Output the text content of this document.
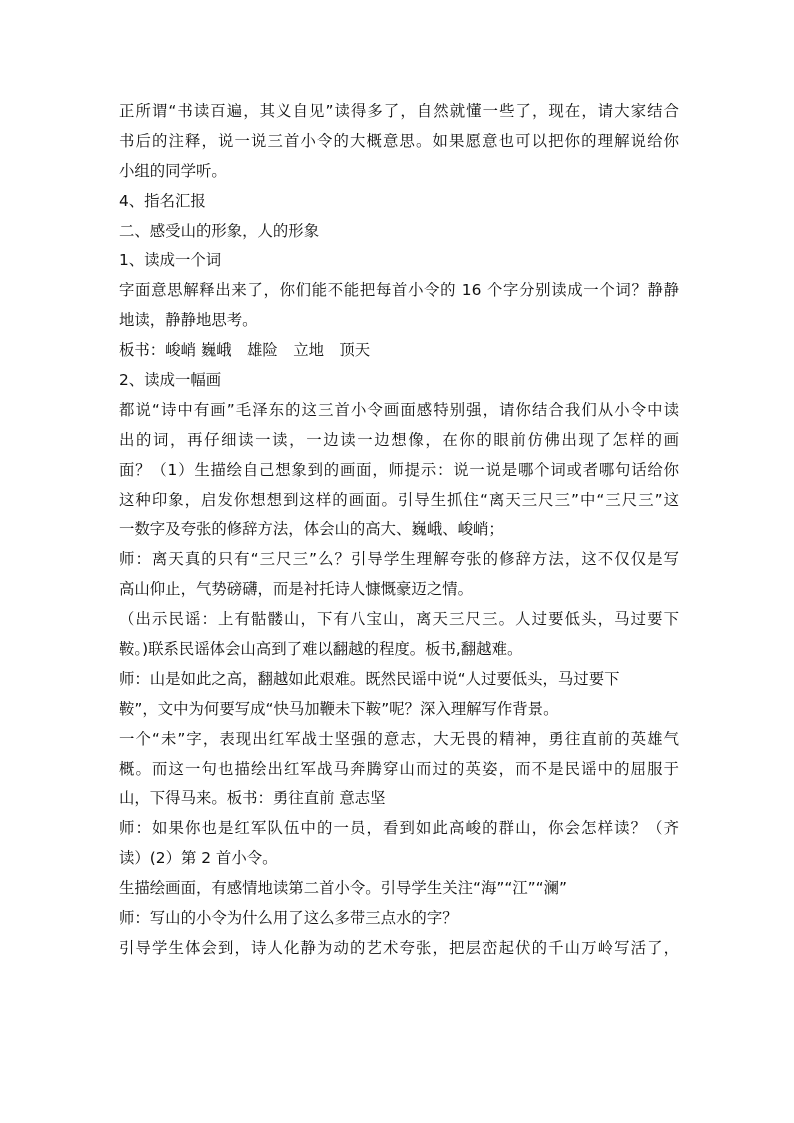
正所谓“书读百遍，其义自见”读得多了，自然就懂一些了，现在，请大家结合
书后的注释，说一说三首小令的大概意思。如果愿意也可以把你的理解说给你
小组的同学听。
4、指名汇报
二、感受山的形象，人的形象
1、读成一个词
字面意思解释出来了，你们能不能把每首小令的 16 个字分别读成一个词？静静
地读，静静地思考。
板书：峻峭 巍峨　雄险　立地　顶天
2、读成一幅画
都说“诗中有画”毛泽东的这三首小令画面感特别强，请你结合我们从小令中读
出的词，再仔细读一读，一边读一边想像，在你的眼前仿佛出现了怎样的画
面？（1）生描绘自己想象到的画面，师提示：说一说是哪个词或者哪句话给你
这种印象，启发你想想到这样的画面。引导生抓住“离天三尺三”中“三尺三”这
一数字及夸张的修辞方法，体会山的高大、巍峨、峻峭；
师：离天真的只有“三尺三”么？引导学生理解夸张的修辞方法，这不仅仅是写
高山仰止，气势磅礴，而是衬托诗人慷慨豪迈之情。
（出示民谣：上有骷髅山，下有八宝山，离天三尺三。人过要低头，马过要下
鞍。)联系民谣体会山高到了难以翻越的程度。板书,翻越难。
师：山是如此之高，翻越如此艰难。既然民谣中说“人过要低头，马过要下
鞍”，文中为何要写成“快马加鞭未下鞍”呢？深入理解写作背景。
一个“未”字，表现出红军战士坚强的意志，大无畏的精神，勇往直前的英雄气
概。而这一句也描绘出红军战马奔腾穿山而过的英姿，而不是民谣中的屈服于
山，下得马来。板书：勇往直前 意志坚
师：如果你也是红军队伍中的一员，看到如此高峻的群山，你会怎样读？（齐
读）(2）第 2 首小令。
生描绘画面，有感情地读第二首小令。引导学生关注“海”“江”“澜”
师：写山的小令为什么用了这么多带三点水的字？
引导学生体会到，诗人化静为动的艺术夸张，把层峦起伏的千山万岭写活了，
